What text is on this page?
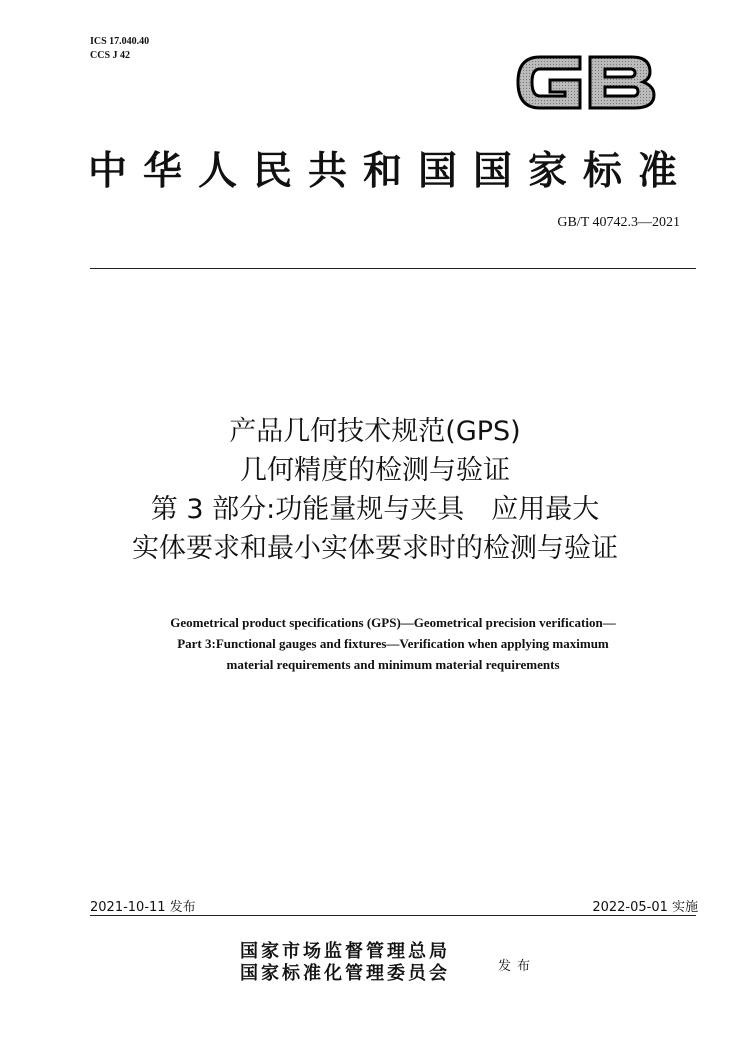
ICS 17.040.40
CCS J 42
中华人民共和国国家标准
GB/T 40742.3—2021
产品几何技术规范(GPS)
几何精度的检测与验证
第 3 部分:功能量规与夹具　应用最大
实体要求和最小实体要求时的检测与验证
Geometrical product specifications (GPS)—Geometrical precision verification—
Part 3:Functional gauges and fixtures—Verification when applying maximum
material requirements and minimum material requirements
2021-10-11 发布	2022-05-01 实施
国家市场监督管理总局
国家标准化管理委员会	发布
